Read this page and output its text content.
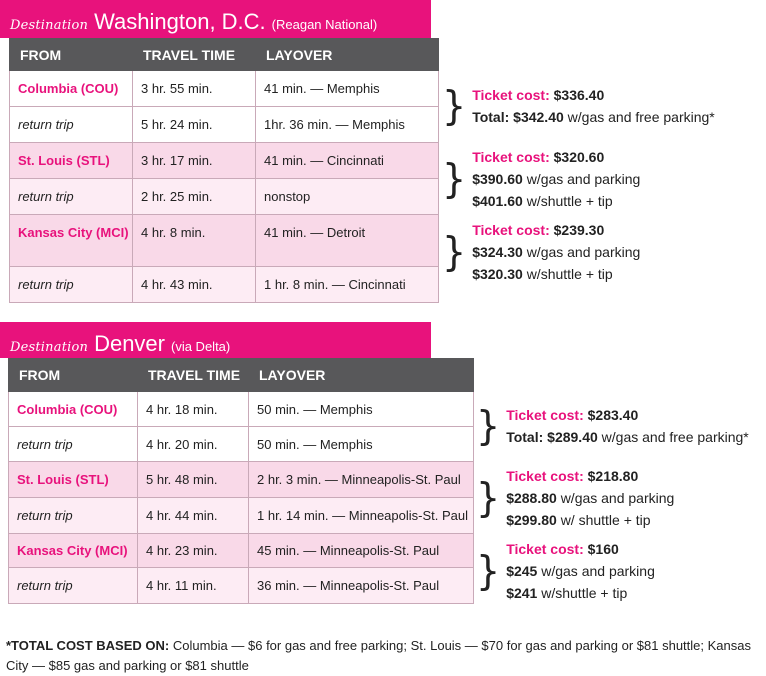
Destination Washington, D.C. (Reagan National)
FROM	TRAVEL TIME	LAYOVER
Columbia (COU)	3 hr. 55 min.	41 min. — Memphis
return trip	5 hr. 24 min.	1hr. 36 min. — Memphis
St. Louis (STL)	3 hr. 17 min.	41 min. — Cincinnati
return trip	2 hr. 25 min.	nonstop
Kansas City (MCI)	4 hr. 8 min.	41 min. — Detroit
return trip	4 hr. 43 min.	1 hr. 8 min. — Cincinnati
} Ticket cost: $336.40
Total: $342.40 w/gas and free parking*
} Ticket cost: $320.60
$390.60 w/gas and parking
$401.60 w/shuttle + tip
} Ticket cost: $239.30
$324.30 w/gas and parking
$320.30 w/shuttle + tip
Destination Denver (via Delta)
FROM	TRAVEL TIME	LAYOVER
Columbia (COU)	4 hr. 18 min.	50 min. — Memphis
return trip	4 hr. 20 min.	50 min. — Memphis
St. Louis (STL)	5 hr. 48 min.	2 hr. 3 min. — Minneapolis-St. Paul
return trip	4 hr. 44 min.	1 hr. 14 min. — Minneapolis-St. Paul
Kansas City (MCI)	4 hr. 23 min.	45 min. — Minneapolis-St. Paul
return trip	4 hr. 11 min.	36 min. — Minneapolis-St. Paul
} Ticket cost: $283.40
Total: $289.40 w/gas and free parking*
} Ticket cost: $218.80
$288.80 w/gas and parking
$299.80 w/ shuttle + tip
} Ticket cost: $160
$245 w/gas and parking
$241 w/shuttle + tip
*TOTAL COST BASED ON: Columbia — $6 for gas and free parking; St. Louis — $70 for gas and parking or $81 shuttle; Kansas City — $85 gas and parking or $81 shuttle
